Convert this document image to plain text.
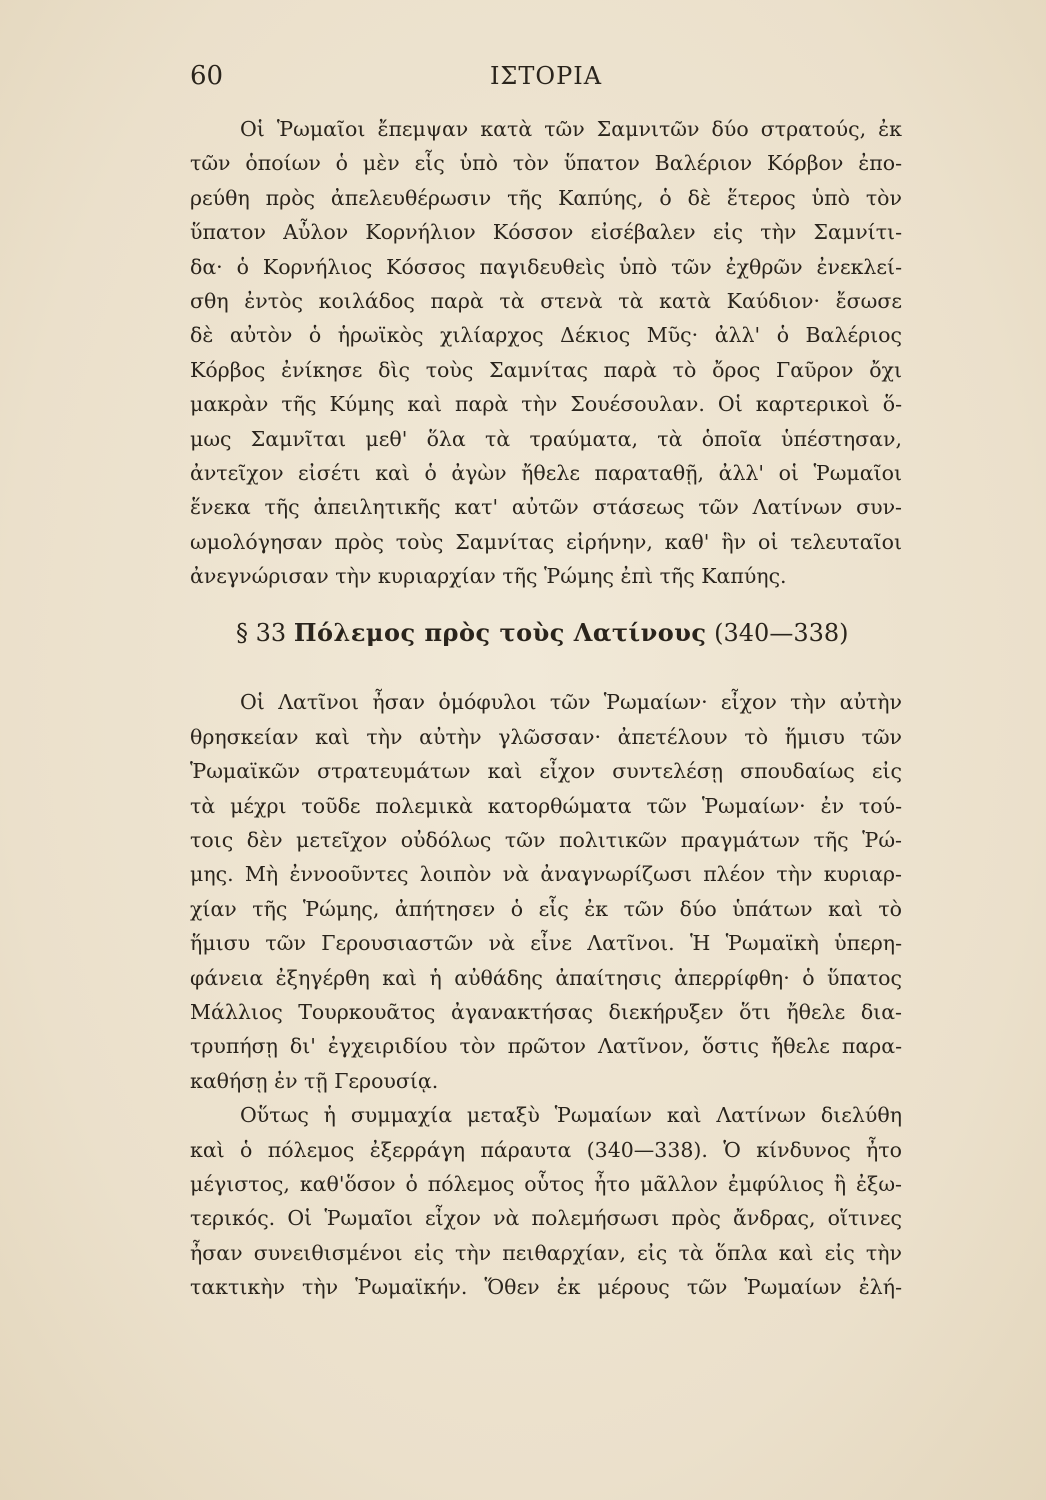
60	ΙΣΤΟΡΙΑ
Οἱ Ῥωμαῖοι ἔπεμψαν κατὰ τῶν Σαμνιτῶν δύο στρατούς, ἐκ
τῶν ὁποίων ὁ μὲν εἷς ὑπὸ τὸν ὕπατον Βαλέριον Κόρβον ἐπο-
ρεύθη πρὸς ἀπελευθέρωσιν τῆς Καπύης, ὁ δὲ ἕτερος ὑπὸ τὸν
ὕπατον Αὖλον Κορνήλιον Κόσσον εἰσέβαλεν εἰς τὴν Σαμνίτι-
δα· ὁ Κορνήλιος Κόσσος παγιδευθεὶς ὑπὸ τῶν ἐχθρῶν ἐνεκλεί-
σθη ἐντὸς κοιλάδος παρὰ τὰ στενὰ τὰ κατὰ Καύδιον· ἔσωσε
δὲ αὐτὸν ὁ ἡρωϊκὸς χιλίαρχος Δέκιος Μῦς· ἀλλ' ὁ Βαλέριος
Κόρβος ἐνίκησε δὶς τοὺς Σαμνίτας παρὰ τὸ ὄρος Γαῦρον ὄχι
μακρὰν τῆς Κύμης καὶ παρὰ τὴν Σουέσουλαν. Οἱ καρτερικοὶ ὅ-
μως Σαμνῖται μεθ' ὅλα τὰ τραύματα, τὰ ὁποῖα ὑπέστησαν,
ἀντεῖχον εἰσέτι καὶ ὁ ἀγὼν ἤθελε παραταθῇ, ἀλλ' οἱ Ῥωμαῖοι
ἕνεκα τῆς ἀπειλητικῆς κατ' αὐτῶν στάσεως τῶν Λατίνων συν-
ωμολόγησαν πρὸς τοὺς Σαμνίτας εἰρήνην, καθ' ἣν οἱ τελευταῖοι
ἀνεγνώρισαν τὴν κυριαρχίαν τῆς Ῥώμης ἐπὶ τῆς Καπύης.
§ 33 Πόλεμος πρὸς τοὺς Λατίνους (340—338)
Οἱ Λατῖνοι ἦσαν ὁμόφυλοι τῶν Ῥωμαίων· εἶχον τὴν αὐτὴν
θρησκείαν καὶ τὴν αὐτὴν γλῶσσαν· ἀπετέλουν τὸ ἥμισυ τῶν
Ῥωμαϊκῶν στρατευμάτων καὶ εἶχον συντελέσῃ σπουδαίως εἰς
τὰ μέχρι τοῦδε πολεμικὰ κατορθώματα τῶν Ῥωμαίων· ἐν τού-
τοις δὲν μετεῖχον οὐδόλως τῶν πολιτικῶν πραγμάτων τῆς Ῥώ-
μης. Μὴ ἐννοοῦντες λοιπὸν νὰ ἀναγνωρίζωσι πλέον τὴν κυριαρ-
χίαν τῆς Ῥώμης, ἀπήτησεν ὁ εἷς ἐκ τῶν δύο ὑπάτων καὶ τὸ
ἥμισυ τῶν Γερουσιαστῶν νὰ εἶνε Λατῖνοι. Ἡ Ῥωμαϊκὴ ὑπερη-
φάνεια ἐξηγέρθη καὶ ἡ αὐθάδης ἀπαίτησις ἀπερρίφθη· ὁ ὕπατος
Μάλλιος Τουρκουᾶτος ἀγανακτήσας διεκήρυξεν ὅτι ἤθελε δια-
τρυπήσῃ δι' ἐγχειριδίου τὸν πρῶτον Λατῖνον, ὅστις ἤθελε παρα-
καθήσῃ ἐν τῇ Γερουσίᾳ.
Οὕτως ἡ συμμαχία μεταξὺ Ῥωμαίων καὶ Λατίνων διελύθη
καὶ ὁ πόλεμος ἐξερράγη πάραυτα (340—338). Ὁ κίνδυνος ἦτο
μέγιστος, καθ'ὅσον ὁ πόλεμος οὗτος ἦτο μᾶλλον ἐμφύλιος ἢ ἐξω-
τερικός. Οἱ Ῥωμαῖοι εἶχον νὰ πολεμήσωσι πρὸς ἄνδρας, οἵτινες
ἦσαν συνειθισμένοι εἰς τὴν πειθαρχίαν, εἰς τὰ ὅπλα καὶ εἰς τὴν
τακτικὴν τὴν Ῥωμαϊκήν. Ὅθεν ἐκ μέρους τῶν Ῥωμαίων ἐλή-
